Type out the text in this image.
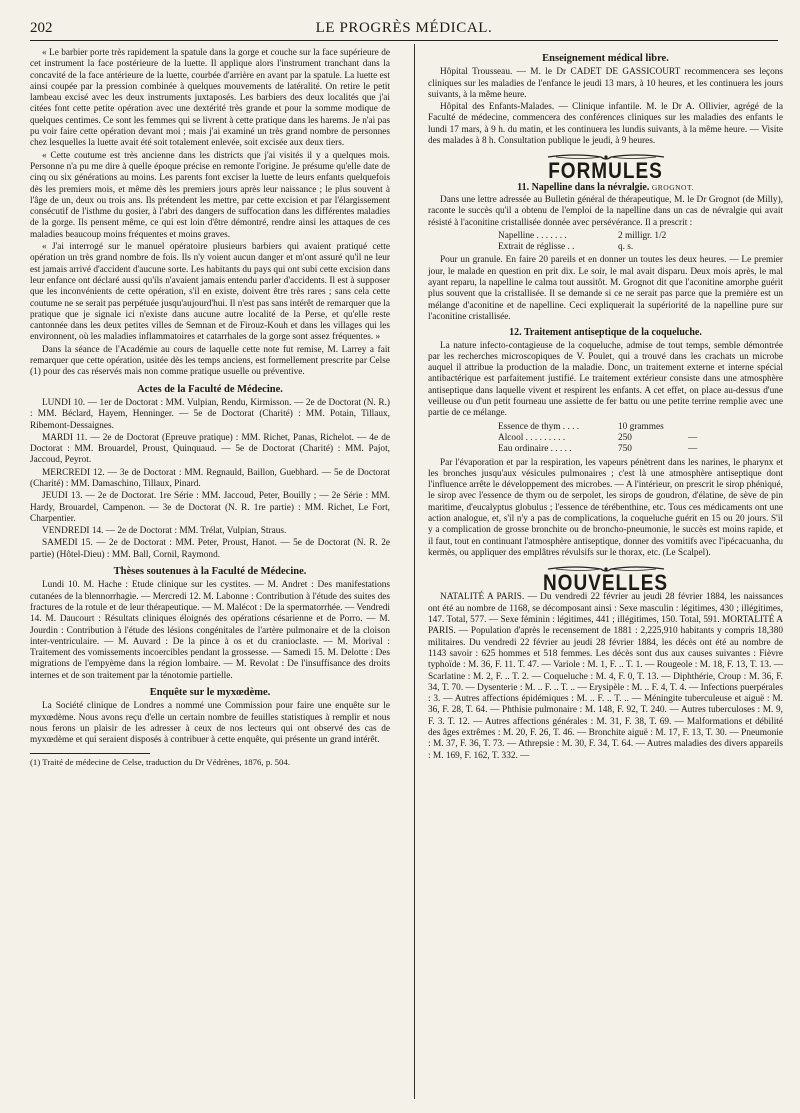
202	LE PROGRÈS MÉDICAL.

« Le barbier porte très rapidement la spatule dans la gorge et couche sur la face supérieure de cet instrument la face postérieure de la luette. Il applique alors l'instrument tranchant dans la concavité de la face antérieure de la luette, courbée d'arrière en avant par la spatule. La luette est ainsi coupée par la pression combinée à quelques mouvements de latéralité. On retire le petit lambeau excisé avec les deux instruments juxtaposés. Les barbiers des deux localités que j'ai citées font cette petite opération avec une dextérité très grande et pour la somme modique de quelques centimes. Ce sont les femmes qui se livrent à cette pratique dans les harems. Je n'ai pas pu voir faire cette opération devant moi ; mais j'ai examiné un très grand nombre de personnes chez lesquelles la luette avait été soit totalement enlevée, soit excisée aux deux tiers.

« Cette coutume est très ancienne dans les districts que j'ai visités il y a quelques mois. Personne n'a pu me dire à quelle époque précise en remonte l'origine. Je présume qu'elle date de cinq ou six générations au moins. Les parents font exciser la luette de leurs enfants quelquefois dès les premiers mois, et même dès les premiers jours après leur naissance ; le plus souvent à l'âge de un, deux ou trois ans. Ils prétendent les mettre, par cette excision et par l'élargissement consécutif de l'isthme du gosier, à l'abri des dangers de suffocation dans les différentes maladies de la gorge. Ils pensent même, ce qui est loin d'être démontré, rendre ainsi les attaques de ces maladies beaucoup moins fréquentes et moins graves.

« J'ai interrogé sur le manuel opératoire plusieurs barbiers qui avaient pratiqué cette opération un très grand nombre de fois. Ils n'y voient aucun danger et m'ont assuré qu'il ne leur est jamais arrivé d'accident d'aucune sorte. Les habitants du pays qui ont subi cette excision dans leur enfance ont déclaré aussi qu'ils n'avaient jamais entendu parler d'accidents. Il est à supposer que les inconvénients de cette opération, s'il en existe, doivent être très rares ; sans cela cette coutume ne se serait pas perpétuée jusqu'aujourd'hui. Il n'est pas sans intérêt de remarquer que la pratique que je signale ici n'existe dans aucune autre localité de la Perse, et qu'elle reste cantonnée dans les deux petites villes de Semnan et de Firouz-Kouh et dans les villages qui les environnent, où les maladies inflammatoires et catarrhales de la gorge sont assez fréquentes. »

Dans la séance de l'Académie au cours de laquelle cette note fut remise, M. Larrey a fait remarquer que cette opération, usitée dès les temps anciens, est formellement prescrite par Celse (1) pour des cas réservés mais non comme pratique usuelle ou préventive.

Actes de la Faculté de Médecine.

LUNDI 10. — 1er de Doctorat : MM. Vulpian, Rendu, Kirmisson. — 2e de Doctorat (N. R.) : MM. Béclard, Hayem, Henninger. — 5e de Doctorat (Charité) : MM. Potain, Tillaux, Ribemont-Dessaignes.

MARDI 11. — 2e de Doctorat (Epreuve pratique) : MM. Richet, Panas, Richelot. — 4e de Doctorat : MM. Brouardel, Proust, Quinquaud. — 5e de Doctorat (Charité) : MM. Pajot, Jaccoud, Peyrot.

MERCREDI 12. — 3e de Doctorat : MM. Regnauld, Baillon, Guebhard. — 5e de Doctorat (Charité) : MM. Damaschino, Tillaux, Pinard.

JEUDI 13. — 2e de Doctorat. 1re Série : MM. Jaccoud, Peter, Bouilly ; — 2e Série : MM. Hardy, Brouardel, Campenon. — 3e de Doctorat (N. R. 1re partie) : MM. Richet, Le Fort, Charpentier.

VENDREDI 14. — 2e de Doctorat : MM. Trélat, Vulpian, Straus.

SAMEDI 15. — 2e de Doctorat : MM. Peter, Proust, Hanot. — 5e de Doctorat (N. R. 2e partie) (Hôtel-Dieu) : MM. Ball, Cornil, Raymond.

Thèses soutenues à la Faculté de Médecine.

Lundi 10. M. Hache : Etude clinique sur les cystites. — M. Andret : Des manifestations cutanées de la blennorrhagie. — Mercredi 12. M. Labonne : Contribution à l'étude des suites des fractures de la rotule et de leur thérapeutique. — M. Malécot : De la spermatorrhée. — Vendredi 14. M. Daucourt : Résultats cliniques éloignés des opérations césarienne et de Porro. — M. Jourdin : Contribution à l'étude des lésions congénitales de l'artère pulmonaire et de la cloison inter-ventriculaire. — M. Auvard : De la pince à os et du cranioclaste. — M. Morival : Traitement des vomissements incoercibles pendant la grossesse. — Samedi 15. M. Delotte : Des migrations de l'empyème dans la région lombaire. — M. Revolat : De l'insuffisance des droits internes et de son traitement par la ténotomie partielle.

Enquête sur le myxœdème.

La Société clinique de Londres a nommé une Commission pour faire une enquête sur le myxœdème. Nous avons reçu d'elle un certain nombre de feuilles statistiques à remplir et nous nous ferons un plaisir de les adresser à ceux de nos lecteurs qui ont observé des cas de myxœdème et qui seraient disposés à contribuer à cette enquête, qui présente un grand intérêt.

(1) Traité de médecine de Celse, traduction du Dr Védrènes, 1876, p. 504.

Enseignement médical libre.

Hôpital Trousseau. — M. le Dr CADET DE GASSICOURT recommencera ses leçons cliniques sur les maladies de l'enfance le jeudi 13 mars, à 10 heures, et les continuera les jours suivants, à la même heure.

Hôpital des Enfants-Malades. — Clinique infantile. M. le Dr A. Ollivier, agrégé de la Faculté de médecine, commencera des conférences cliniques sur les maladies des enfants le lundi 17 mars, à 9 h. du matin, et les continuera les lundis suivants, à la même heure. — Visite des malades à 8 h. Consultation publique le jeudi, à 9 heures.

FORMULES
11. Napelline dans la névralgie. GROGNOT.

Dans une lettre adressée au Bulletin général de thérapeutique, M. le Dr Grognot (de Milly), raconte le succès qu'il a obtenu de l'emploi de la napelline dans un cas de névralgie qui avait résisté à l'aconitine cristallisée donnée avec persévérance. Il a prescrit :

Napelline . . . . . . .	2 milligr. 1/2
Extrait de réglisse . .	q. s.

Pour un granule. En faire 20 pareils et en donner un toutes les deux heures. — Le premier jour, le malade en question en prit dix. Le soir, le mal avait disparu. Deux mois après, le mal ayant reparu, la napelline le calma tout aussitôt. M. Grognot dit que l'aconitine amorphe guérit plus souvent que la cristallisée. Il se demande si ce ne serait pas parce que la première est un mélange d'aconitine et de napelline. Ceci expliquerait la supériorité de la napelline pure sur l'aconitine cristallisée.

12. Traitement antiseptique de la coqueluche.

La nature infecto-contagieuse de la coqueluche, admise de tout temps, semble démontrée par les recherches microscopiques de V. Poulet, qui a trouvé dans les crachats un microbe auquel il attribue la production de la maladie. Donc, un traitement externe et interne spécial antibactérique est parfaitement justifié. Le traitement extérieur consiste dans une atmosphère antiseptique dans laquelle vivent et respirent les enfants. A cet effet, on place au-dessus d'une veilleuse ou d'un petit fourneau une assiette de fer battu ou une petite terrine remplie avec une partie de ce mélange.

Essence de thym . . . .	10 grammes
Alcool . . . . . . . . .	250	—
Eau ordinaire . . . . .	750	—

Par l'évaporation et par la respiration, les vapeurs pénètrent dans les narines, le pharynx et les bronches jusqu'aux vésicules pulmonaires ; c'est là une atmosphère antiseptique dont l'influence arrête le développement des microbes. — A l'intérieur, on prescrit le sirop phéniqué, le sirop avec l'essence de thym ou de serpolet, les sirops de goudron, d'élatine, de sève de pin maritime, d'eucalyptus globulus ; l'essence de térébenthine, etc. Tous ces médicaments ont une action analogue, et, s'il n'y a pas de complications, la coqueluche guérit en 15 ou 20 jours. S'il y a complication de grosse bronchite ou de broncho-pneumonie, le succès est moins rapide, et il faut, tout en continuant l'atmosphère antiseptique, donner des vomitifs avec l'ipécacuanha, du kermès, ou appliquer des emplâtres révulsifs sur le thorax, etc. (Le Scalpel).

NOUVELLES

NATALITÉ A PARIS. — Du vendredi 22 février au jeudi 28 février 1884, les naissances ont été au nombre de 1168, se décomposant ainsi : Sexe masculin : légitimes, 430 ; illégitimes, 147. Total, 577. — Sexe féminin : légitimes, 441 ; illégitimes, 150. Total, 591. MORTALITÉ A PARIS. — Population d'après le recensement de 1881 : 2,225,910 habitants y compris 18,380 militaires. Du vendredi 22 février au jeudi 28 février 1884, les décès ont été au nombre de 1143 savoir : 625 hommes et 518 femmes. Les décès sont dus aux causes suivantes : Fièvre typhoïde : M. 36, F. 11. T. 47. — Variole : M. 1, F. .. T. 1. — Rougeole : M. 18, F. 13, T. 13. — Scarlatine : M. 2, F. .. T. 2. — Coqueluche : M. 4, F. 0, T. 13. — Diphthérie, Croup : M. 36, F. 34, T. 70. — Dysenterie : M. .. F. .. T. .. — Erysipèle : M. .. F. 4, T. 4. — Infections puerpérales : 3. — Autres affections épidémiques : M. .. F. .. T. .. — Méningite tuberculeuse et aiguë : M. 36, F. 28, T. 64. — Phthisie pulmonaire : M. 148, F. 92, T. 240. — Autres tuberculoses : M. 9, F. 3. T. 12. — Autres affections générales : M. 31, F. 38, T. 69. — Malformations et débilité des âges extrêmes : M. 20, F. 26, T. 46. — Bronchite aiguë : M. 17, F. 13, T. 30. — Pneumonie : M. 37, F. 36, T. 73. — Athrepsie : M. 30, F. 34, T. 64. — Autres maladies des divers appareils : M. 169, F. 162, T. 332. —
